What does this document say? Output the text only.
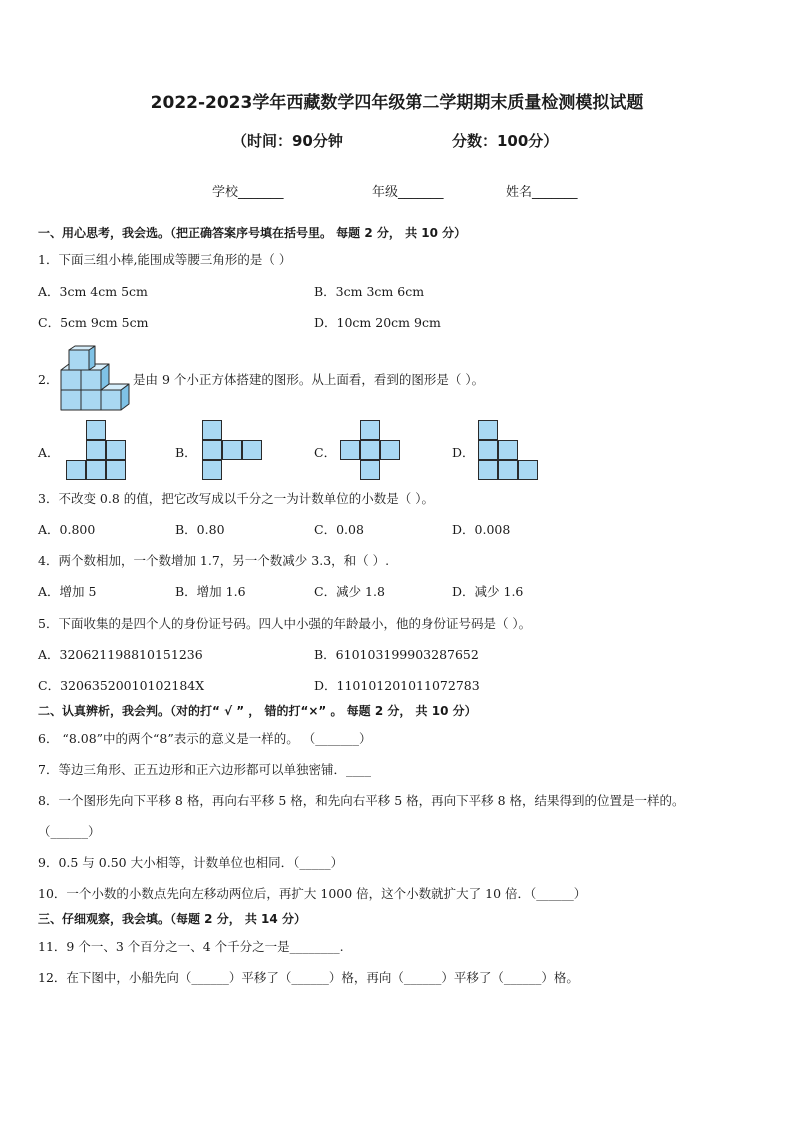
2022-2023学年西藏数学四年级第二学期期末质量检测模拟试题
（时间：90分钟	分数：100分）
学校_______	年级_______	姓名_______
一、用心思考，我会选。（把正确答案序号填在括号里。 每题 2 分， 共 10 分）
1．下面三组小棒,能围成等腰三角形的是（ ）
A．3cm 4cm 5cm	B．3cm 3cm 6cm
C．5cm 9cm 5cm	D．10cm 20cm 9cm
2．	是由 9 个小正方体搭建的图形。从上面看，看到的图形是（ ）。
A．	B．	C．	D．
3．不改变 0.8 的值，把它改写成以千分之一为计数单位的小数是（ ）。
A．0.800	B．0.80	C．0.08	D．0.008
4．两个数相加，一个数增加 1.7，另一个数减少 3.3，和（ ）.
A．增加 5	B．增加 1.6	C．减少 1.8	D．减少 1.6
5．下面收集的是四个人的身份证号码。四人中小强的年龄最小，他的身份证号码是（ ）。
A．320621198810151236	B．610103199903287652
C．32063520010102184X	D．110101201011072783
二、认真辨析，我会判。（对的打“ √ ” ， 错的打“×” 。 每题 2 分， 共 10 分）
6． “8.08”中的两个“8”表示的意义是一样的。 （_______）
7．等边三角形、正五边形和正六边形都可以单独密铺．____
8．一个图形先向下平移 8 格，再向右平移 5 格，和先向右平移 5 格，再向下平移 8 格，结果得到的位置是一样的。
（______）
9．0.5 与 0.50 大小相等，计数单位也相同．（_____）
10．一个小数的小数点先向左移动两位后，再扩大 1000 倍，这个小数就扩大了 10 倍．（______）
三、仔细观察，我会填。（每题 2 分， 共 14 分）
11．9 个一、3 个百分之一、4 个千分之一是________.
12．在下图中，小船先向（______）平移了（______）格，再向（______）平移了（______）格。
